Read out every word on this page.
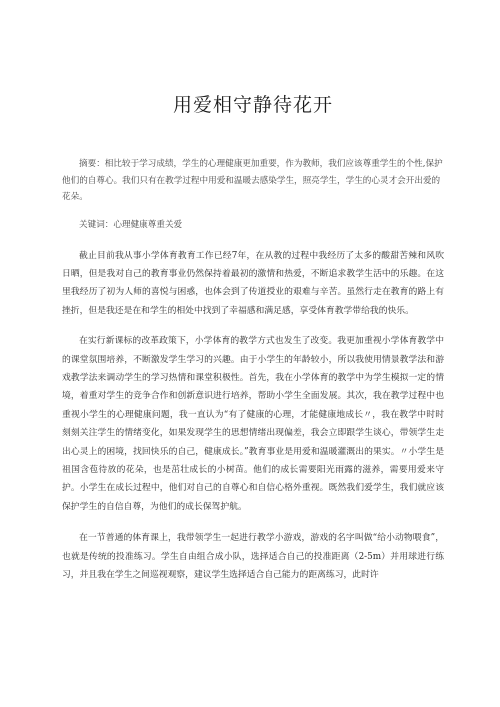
用爱相守静待花开

摘要：相比较于学习成绩，学生的心理健康更加重要，作为教师，我们应该尊重学生的个性,保护他们的自尊心。我们只有在教学过程中用爱和温暖去感染学生，照亮学生，学生的心灵才会开出爱的花朵。

关键词：心理健康尊重关爱

截止目前我从事小学体育教育工作已经7年，在从教的过程中我经历了太多的酸甜苦辣和风吹日晒，但是我对自己的教育事业仍然保持着最初的激情和热爱，不断追求教学生活中的乐趣。在这里我经历了初为人师的喜悦与困惑，也体会到了传道授业的艰难与辛苦。虽然行走在教育的路上有挫折，但是我还是在和学生的相处中找到了幸福感和满足感，享受体育教学带给我的快乐。

在实行新课标的改革政策下，小学体育的教学方式也发生了改变。我更加重视小学体育教学中的课堂氛围培养，不断激发学生学习的兴趣。由于小学生的年龄较小，所以我使用情景教学法和游戏教学法来调动学生的学习热情和课堂积极性。首先，我在小学体育的教学中为学生模拟一定的情境，着重对学生的竞争合作和创新意识进行培养，帮助小学生全面发展。其次，我在教学过程中也重视小学生的心理健康问题，我一直认为“有了健康的心理，才能健康地成长〃，我在教学中时时刻刻关注学生的情绪变化，如果发现学生的思想情绪出现偏差，我会立即跟学生谈心，带领学生走出心灵上的困境，找回快乐的自己，健康成长。”教育事业是用爱和温暖灌溉出的果实。〃小学生是祖国含苞待放的花朵，也是茁壮成长的小树苗。他们的成长需要阳光雨露的滋养，需要用爱来守护。小学生在成长过程中，他们对自己的自尊心和自信心格外重视。既然我们爱学生，我们就应该保护学生的自信自尊，为他们的成长保驾护航。

在一节普通的体育课上，我带领学生一起进行教学小游戏，游戏的名字叫做“给小动物喂食”，也就是传统的投准练习。学生自由组合成小队，选择适合自己的投准距离（2-5m）并用球进行练习，并且我在学生之间巡视观察，建议学生选择适合自己能力的距离练习，此时许
